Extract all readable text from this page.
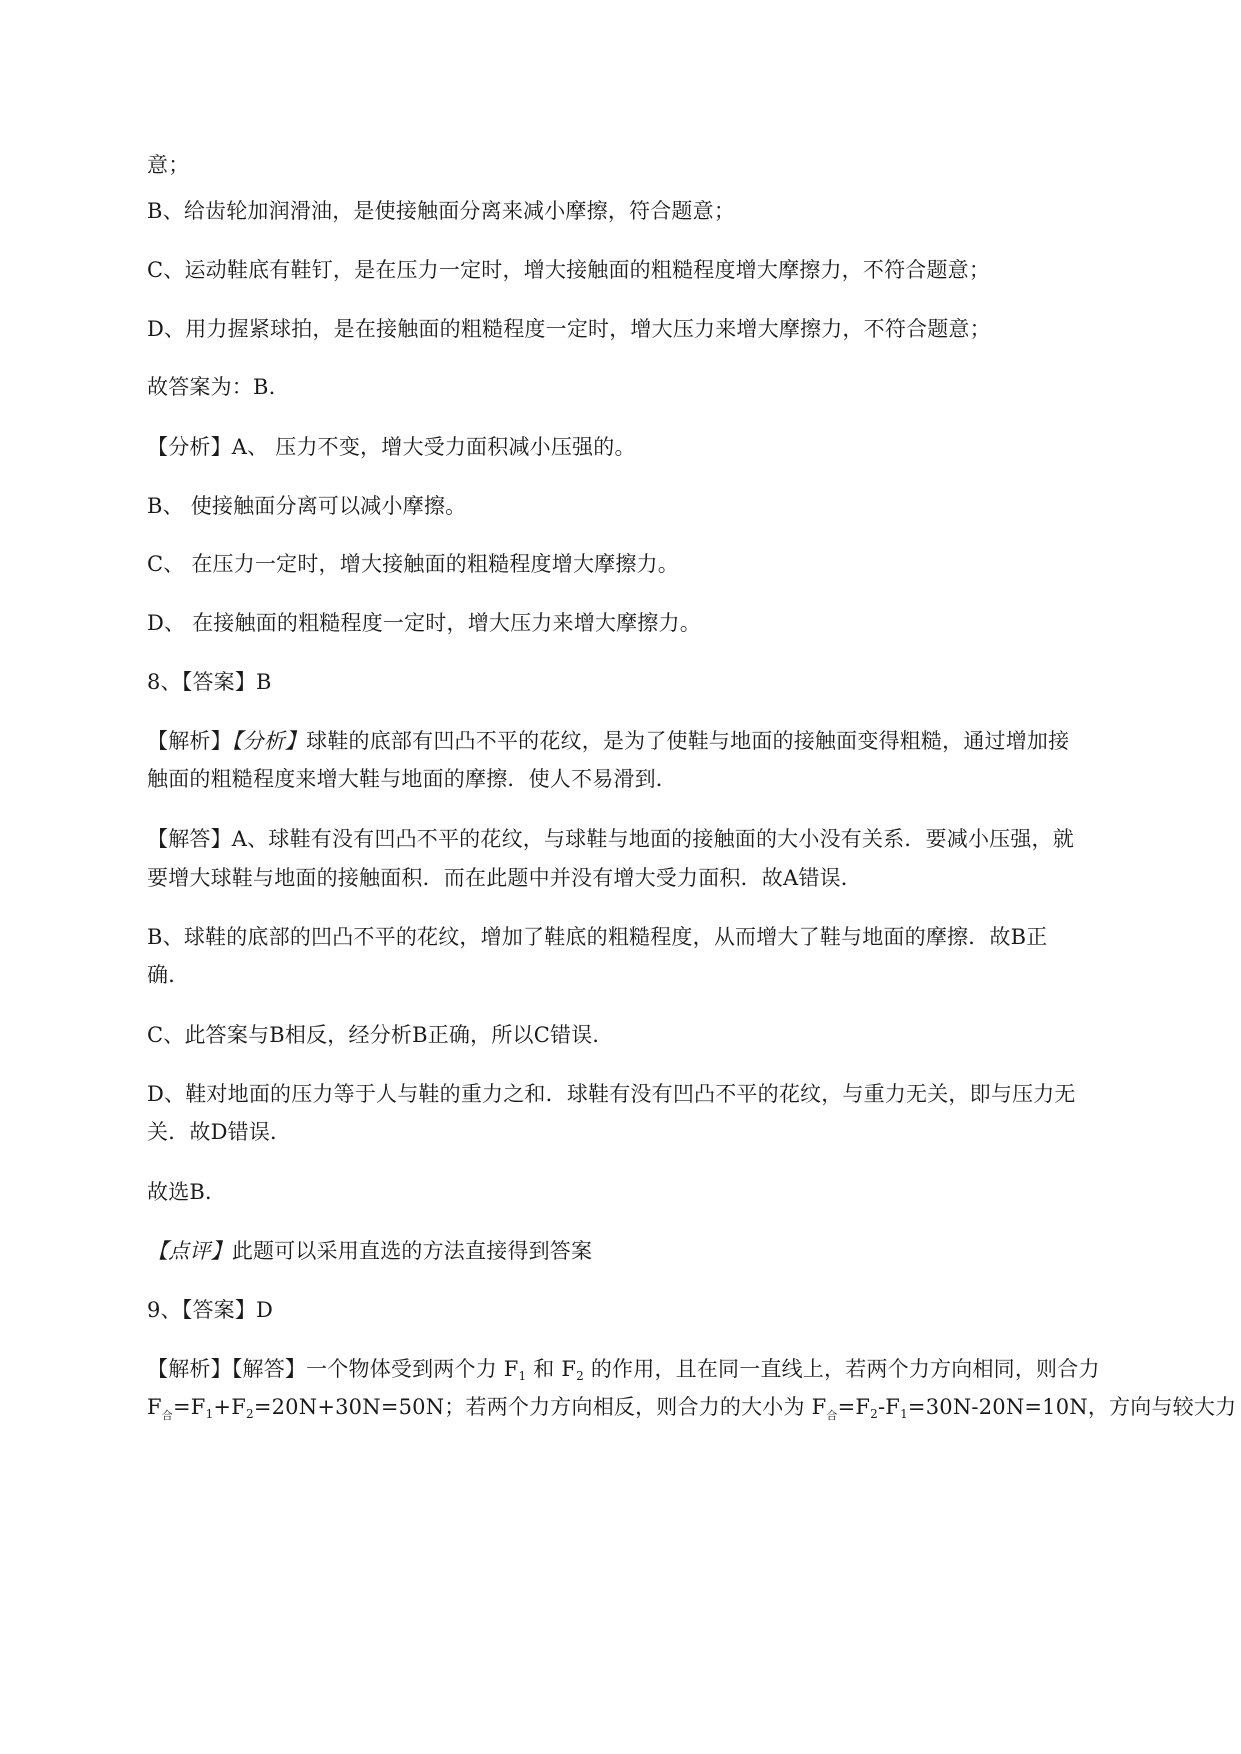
意；
B、给齿轮加润滑油，是使接触面分离来减小摩擦，符合题意；
C、运动鞋底有鞋钉，是在压力一定时，增大接触面的粗糙程度增大摩擦力，不符合题意；
D、用力握紧球拍，是在接触面的粗糙程度一定时，增大压力来增大摩擦力，不符合题意；
故答案为：B.
【分析】A、 压力不变，增大受力面积减小压强的。
B、 使接触面分离可以减小摩擦。
C、 在压力一定时，增大接触面的粗糙程度增大摩擦力。
D、 在接触面的粗糙程度一定时，增大压力来增大摩擦力。
8、【答案】B
【解析】【分析】球鞋的底部有凹凸不平的花纹，是为了使鞋与地面的接触面变得粗糙，通过增加接
触面的粗糙程度来增大鞋与地面的摩擦．使人不易滑到．
【解答】A、球鞋有没有凹凸不平的花纹，与球鞋与地面的接触面的大小没有关系．要减小压强，就
要增大球鞋与地面的接触面积．而在此题中并没有增大受力面积．故A错误．
B、球鞋的底部的凹凸不平的花纹，增加了鞋底的粗糙程度，从而增大了鞋与地面的摩擦．故B正
确．
C、此答案与B相反，经分析B正确，所以C错误．
D、鞋对地面的压力等于人与鞋的重力之和．球鞋有没有凹凸不平的花纹，与重力无关，即与压力无
关．故D错误．
故选B．
【点评】此题可以采用直选的方法直接得到答案
9、【答案】D
【解析】【解答】一个物体受到两个力 $F_1$ 和 $F_2$ 的作用，且在同一直线上，若两个力方向相同，则合力
$F_合=F_1+F_2=20N+30N=50N$；若两个力方向相反，则合力的大小为 $F_合=F_2-F_1=30N-20N=10N$，方向与较大力
